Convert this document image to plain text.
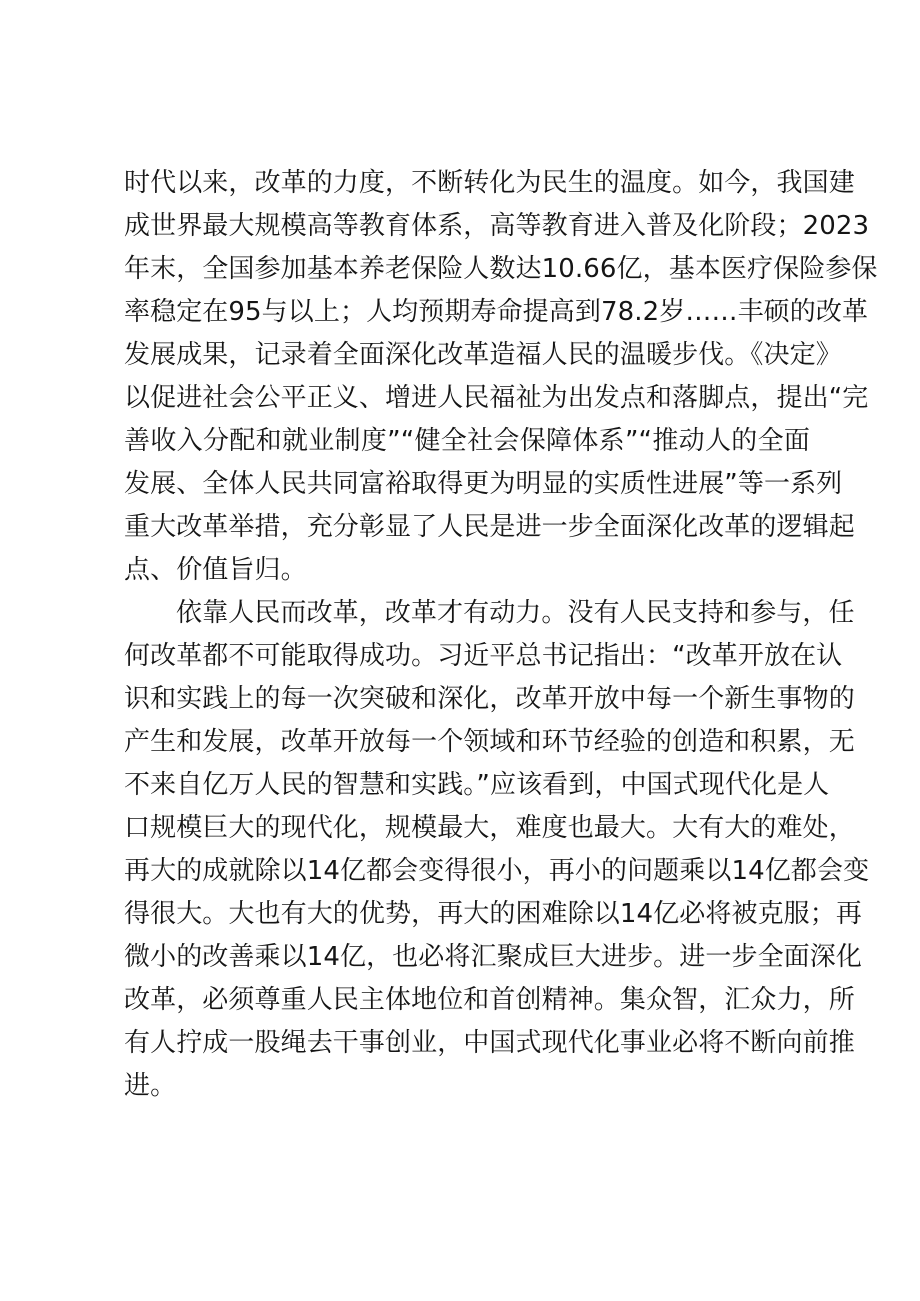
时代以来，改革的力度，不断转化为民生的温度。如今，我国建
成世界最大规模高等教育体系，高等教育进入普及化阶段；2023
年末，全国参加基本养老保险人数达10.66亿，基本医疗保险参保
率稳定在95与以上；人均预期寿命提高到78.2岁……丰硕的改革
发展成果，记录着全面深化改革造福人民的温暖步伐。《决定》
以促进社会公平正义、增进人民福祉为出发点和落脚点，提出“完
善收入分配和就业制度”“健全社会保障体系”“推动人的全面
发展、全体人民共同富裕取得更为明显的实质性进展”等一系列
重大改革举措，充分彰显了人民是进一步全面深化改革的逻辑起
点、价值旨归。
依靠人民而改革，改革才有动力。没有人民支持和参与，任
何改革都不可能取得成功。习近平总书记指出：“改革开放在认
识和实践上的每一次突破和深化，改革开放中每一个新生事物的
产生和发展，改革开放每一个领域和环节经验的创造和积累，无
不来自亿万人民的智慧和实践。”应该看到，中国式现代化是人
口规模巨大的现代化，规模最大，难度也最大。大有大的难处，
再大的成就除以14亿都会变得很小，再小的问题乘以14亿都会变
得很大。大也有大的优势，再大的困难除以14亿必将被克服；再
微小的改善乘以14亿，也必将汇聚成巨大进步。进一步全面深化
改革，必须尊重人民主体地位和首创精神。集众智，汇众力，所
有人拧成一股绳去干事创业，中国式现代化事业必将不断向前推
进。
